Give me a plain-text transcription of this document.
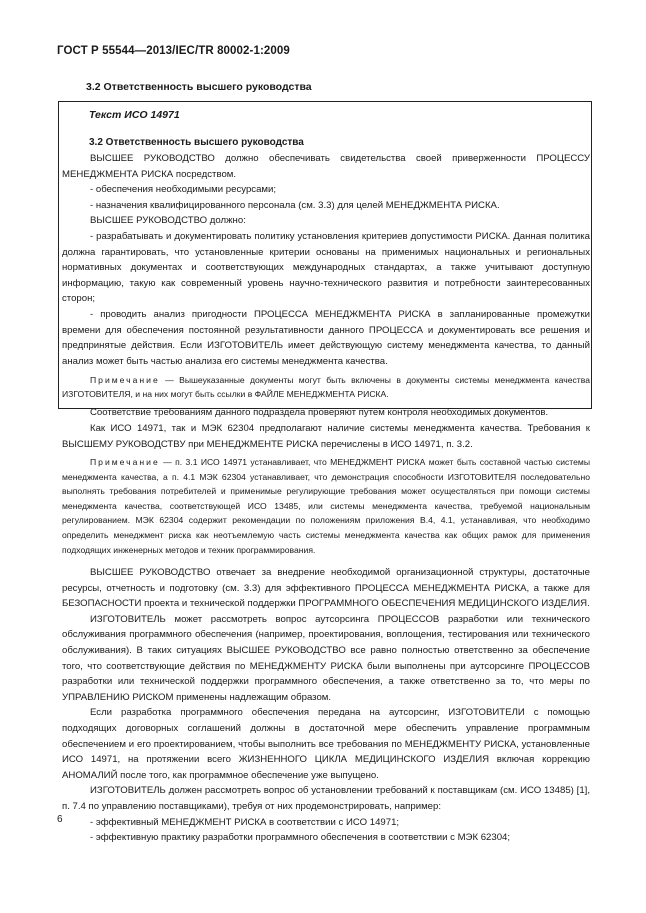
ГОСТ Р 55544—2013/IEC/TR 80002-1:2009
3.2 Ответственность высшего руководства
Текст ИСО 14971
3.2 Ответственность высшего руководства

ВЫСШЕЕ РУКОВОДСТВО должно обеспечивать свидетельства своей приверженности ПРОЦЕССУ МЕНЕДЖМЕНТА РИСКА посредством.

- обеспечения необходимыми ресурсами;

- назначения квалифицированного персонала (см. 3.3) для целей МЕНЕДЖМЕНТА РИСКА.

ВЫСШЕЕ РУКОВОДСТВО должно:

- разрабатывать и документировать политику установления критериев допустимости РИСКА. Данная политика должна гарантировать, что установленные критерии основаны на применимых национальных и региональных нормативных документах и соответствующих международных стандартах, а также учитывают доступную информацию, такую как современный уровень научно-технического развития и потребности заинтересованных сторон;

- проводить анализ пригодности ПРОЦЕССА МЕНЕДЖМЕНТА РИСКА в запланированные промежутки времени для обеспечения постоянной результативности данного ПРОЦЕССА и документировать все решения и предпринятые действия. Если ИЗГОТОВИТЕЛЬ имеет действующую систему менеджмента качества, то данный анализ может быть частью анализа его системы менеджмента качества.

Примечание — Вышеуказанные документы могут быть включены в документы системы менеджмента качества ИЗГОТОВИТЕЛЯ, и на них могут быть ссылки в ФАЙЛЕ МЕНЕДЖМЕНТА РИСКА.

Соответствие требованиям данного подраздела проверяют путем контроля необходимых документов.

Как ИСО 14971, так и МЭК 62304 предполагают наличие системы менеджмента качества. Требования к ВЫСШЕМУ РУКОВОДСТВУ при МЕНЕДЖМЕНТЕ РИСКА перечислены в ИСО 14971, п. 3.2.

Примечание — п. 3.1 ИСО 14971 устанавливает, что МЕНЕДЖМЕНТ РИСКА может быть составной частью системы менеджмента качества, а п. 4.1 МЭК 62304 устанавливает, что демонстрация способности ИЗГОТОВИТЕЛЯ последовательно выполнять требования потребителей и применимые регулирующие требования может осуществляться при помощи системы менеджмента качества, соответствующей ИСО 13485, или системы менеджмента качества, требуемой национальным регулированием. МЭК 62304 содержит рекомендации по положениям приложения В.4, 4.1, устанавливая, что необходимо определить менеджмент риска как неотъемлемую часть системы менеджмента качества как общих рамок для применения подходящих инженерных методов и техник программирования.

ВЫСШЕЕ РУКОВОДСТВО отвечает за внедрение необходимой организационной структуры, достаточные ресурсы, отчетность и подготовку (см. 3.3) для эффективного ПРОЦЕССА МЕНЕДЖМЕНТА РИСКА, а также для БЕЗОПАСНОСТИ проекта и технической поддержки ПРОГРАММНОГО ОБЕСПЕЧЕНИЯ МЕДИЦИНСКОГО ИЗДЕЛИЯ.

ИЗГОТОВИТЕЛЬ может рассмотреть вопрос аутсорсинга ПРОЦЕССОВ разработки или технического обслуживания программного обеспечения (например, проектирования, воплощения, тестирования или технического обслуживания). В таких ситуациях ВЫСШЕЕ РУКОВОДСТВО все равно полностью ответственно за обеспечение того, что соответствующие действия по МЕНЕДЖМЕНТУ РИСКА были выполнены при аутсорсинге ПРОЦЕССОВ разработки или технической поддержки программного обеспечения, а также ответственно за то, что меры по УПРАВЛЕНИЮ РИСКОМ применены надлежащим образом.

Если разработка программного обеспечения передана на аутсорсинг, ИЗГОТОВИТЕЛИ с помощью подходящих договорных соглашений должны в достаточной мере обеспечить управление программным обеспечением и его проектированием, чтобы выполнить все требования по МЕНЕДЖМЕНТУ РИСКА, установленные ИСО 14971, на протяжении всего ЖИЗНЕННОГО ЦИКЛА МЕДИЦИНСКОГО ИЗДЕЛИЯ включая коррекцию АНОМАЛИЙ после того, как программное обеспечение уже выпущено.

ИЗГОТОВИТЕЛЬ должен рассмотреть вопрос об установлении требований к поставщикам (см. ИСО 13485) [1], п. 7.4 по управлению поставщиками), требуя от них продемонстрировать, например:

- эффективный МЕНЕДЖМЕНТ РИСКА в соответствии с ИСО 14971;

- эффективную практику разработки программного обеспечения в соответствии с МЭК 62304;

6
